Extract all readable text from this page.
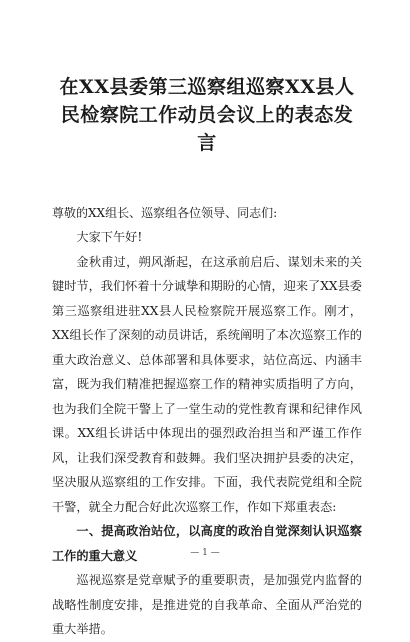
在XX县委第三巡察组巡察XX县人民检察院工作动员会议上的表态发言

尊敬的XX组长、巡察组各位领导、同志们:

大家下午好!

金秋甫过，朔风渐起，在这承前启后、谋划未来的关键时节，我们怀着十分诚挚和期盼的心情，迎来了XX县委第三巡察组进驻XX县人民检察院开展巡察工作。刚才，XX组长作了深刻的动员讲话，系统阐明了本次巡察工作的重大政治意义、总体部署和具体要求，站位高远、内涵丰富，既为我们精准把握巡察工作的精神实质指明了方向，也为我们全院干警上了一堂生动的党性教育课和纪律作风课。XX组长讲话中体现出的强烈政治担当和严谨工作作风，让我们深受教育和鼓舞。我们坚决拥护县委的决定，坚决服从巡察组的工作安排。下面，我代表院党组和全院干警，就全力配合好此次巡察工作，作如下郑重表态:

一、提高政治站位，以高度的政治自觉深刻认识巡察工作的重大意义

巡视巡察是党章赋予的重要职责，是加强党内监督的战略性制度安排，是推进党的自我革命、全面从严治党的重大举措。

— 1 —
